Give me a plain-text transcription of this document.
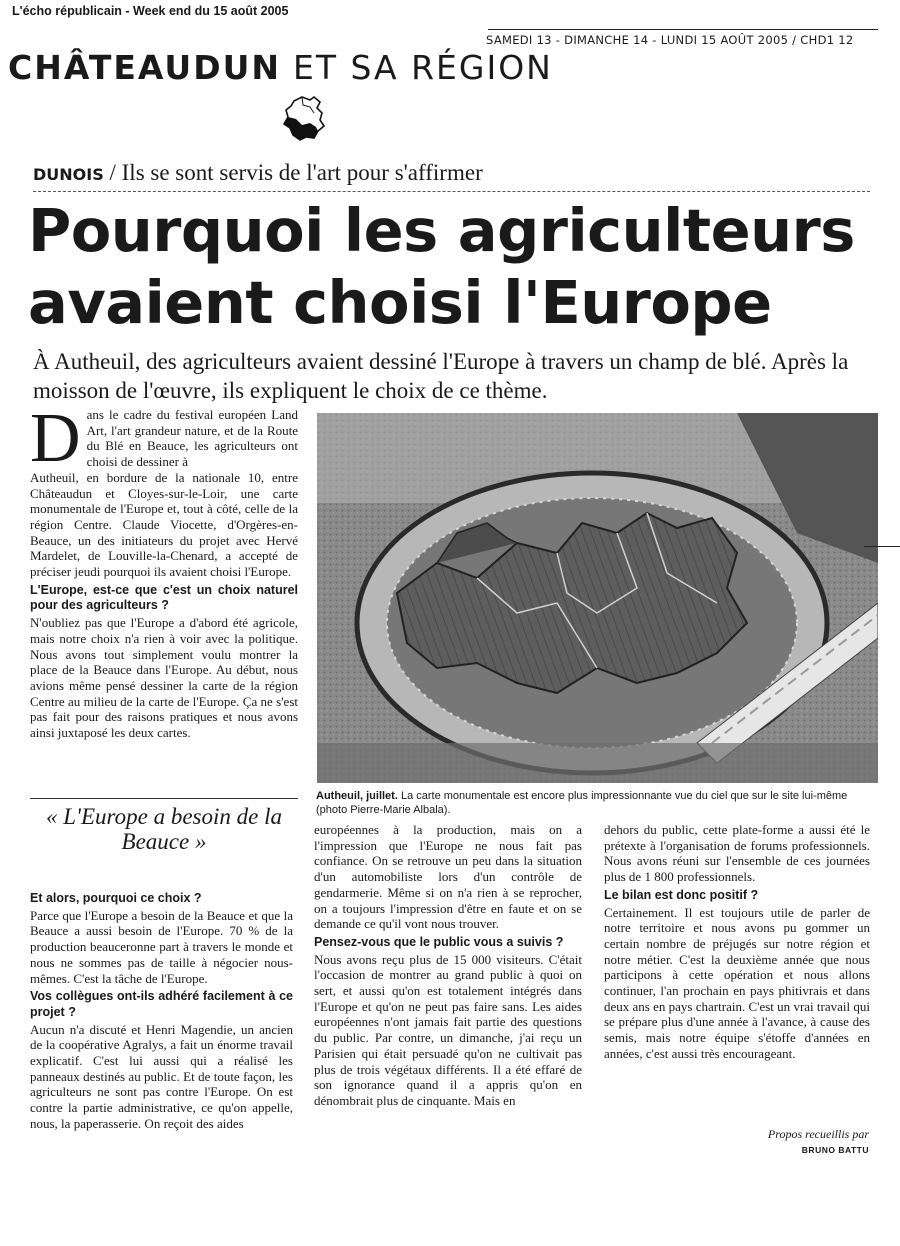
L'écho républicain - Week end du 15 août 2005
SAMEDI 13 - DIMANCHE 14 - LUNDI 15 AOÛT 2005 / CHD1 12
CHÂTEAUDUN ET SA RÉGION
DUNOIS / Ils se sont servis de l'art pour s'affirmer
Pourquoi les agriculteurs avaient choisi l'Europe
À Autheuil, des agriculteurs avaient dessiné l'Europe à travers un champ de blé. Après la moisson de l'œuvre, ils expliquent le choix de ce thème.

Dans le cadre du festival européen Land Art, l'art grandeur nature, et de la Route du Blé en Beauce, les agriculteurs ont choisi de dessiner à

Autheuil, en bordure de la nationale 10, entre Châteaudun et Cloyes-sur-le-Loir, une carte monumentale de l'Europe et, tout à côté, celle de la région Centre. Claude Viocette, d'Orgères-en-Beauce, un des initiateurs du projet avec Hervé Mardelet, de Louville-la-Chenard, a accepté de préciser jeudi pourquoi ils avaient choisi l'Europe.

L'Europe, est-ce que c'est un choix naturel pour des agriculteurs ?

N'oubliez pas que l'Europe a d'abord été agricole, mais notre choix n'a rien à voir avec la politique. Nous avons tout simplement voulu montrer la place de la Beauce dans l'Europe. Au début, nous avions même pensé dessiner la carte de la région Centre au milieu de la carte de l'Europe. Ça ne s'est pas fait pour des raisons pratiques et nous avons ainsi juxtaposé les deux cartes.

Autheuil, juillet. La carte monumentale est encore plus impressionnante vue du ciel que sur le site lui-même (photo Pierre-Marie Albala).
« L'Europe a besoin de la Beauce »

Et alors, pourquoi ce choix ?

Parce que l'Europe a besoin de la Beauce et que la Beauce a aussi besoin de l'Europe. 70 % de la production beauceronne part à travers le monde et nous ne sommes pas de taille à négocier nous-mêmes. C'est la tâche de l'Europe.

Vos collègues ont-ils adhéré facilement à ce projet ?

Aucun n'a discuté et Henri Magendie, un ancien de la coopérative Agralys, a fait un énorme travail explicatif. C'est lui aussi qui a réalisé les panneaux destinés au public. Et de toute façon, les agriculteurs ne sont pas contre l'Europe. On est contre la partie administrative, ce qu'on appelle, nous, la paperasserie. On reçoit des aides

européennes à la production, mais on a l'impression que l'Europe ne nous fait pas confiance. On se retrouve un peu dans la situation d'un automobiliste lors d'un contrôle de gendarmerie. Même si on n'a rien à se reprocher, on a toujours l'impression d'être en faute et on se demande ce qu'il vont nous trouver.

Pensez-vous que le public vous a suivis ?

Nous avons reçu plus de 15 000 visiteurs. C'était l'occasion de montrer au grand public à quoi on sert, et aussi qu'on est totalement intégrés dans l'Europe et qu'on ne peut pas faire sans. Les aides européennes n'ont jamais fait partie des questions du public. Par contre, un dimanche, j'ai reçu un Parisien qui était persuadé qu'on ne cultivait pas plus de trois végétaux différents. Il a été effaré de son ignorance quand il a appris qu'on en dénombrait plus de cinquante. Mais en

dehors du public, cette plate-forme a aussi été le prétexte à l'organisation de forums professionnels. Nous avons réuni sur l'ensemble de ces journées plus de 1 800 professionnels.

Le bilan est donc positif ?

Certainement. Il est toujours utile de parler de notre territoire et nous avons pu gommer un certain nombre de préjugés sur notre région et notre métier. C'est la deuxième année que nous participons à cette opération et nous allons continuer, l'an prochain en pays phitivrais et dans deux ans en pays chartrain. C'est un vrai travail qui se prépare plus d'une année à l'avance, à cause des semis, mais notre équipe s'étoffe d'années en années, c'est aussi très encourageant.

Propos recueillis par
BRUNO BATTU
